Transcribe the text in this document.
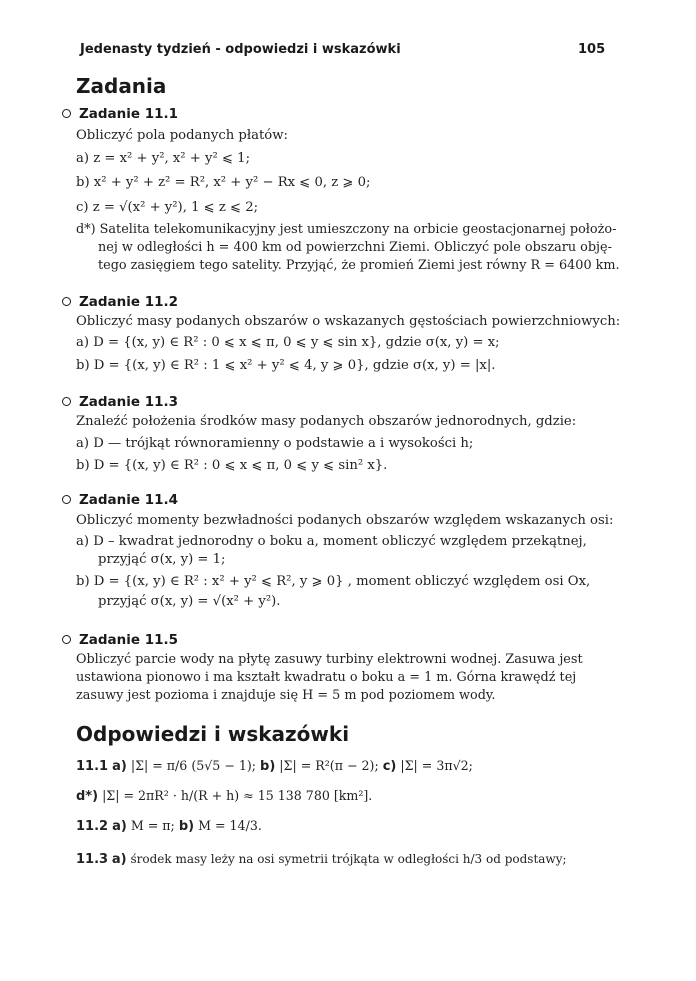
Jedenasty tydzień - odpowiedzi i wskazówki	105
Zadania
Zadanie 11.1
Obliczyć pola podanych płatów:
a) z = x² + y², x² + y² ⩽ 1;
b) x² + y² + z² = R², x² + y² − Rx ⩽ 0, z ⩾ 0;
c) z = √(x² + y²), 1 ⩽ z ⩽ 2;
d*) Satelita telekomunikacyjny jest umieszczony na orbicie geostacjonarnej położo-
nej w odległości h = 400 km od powierzchni Ziemi. Obliczyć pole obszaru obję-
tego zasięgiem tego satelity. Przyjąć, że promień Ziemi jest równy R = 6400 km.
Zadanie 11.2
Obliczyć masy podanych obszarów o wskazanych gęstościach powierzchniowych:
a) D = {(x, y) ∈ R² : 0 ⩽ x ⩽ π, 0 ⩽ y ⩽ sin x}, gdzie σ(x, y) = x;
b) D = {(x, y) ∈ R² : 1 ⩽ x² + y² ⩽ 4, y ⩾ 0}, gdzie σ(x, y) = |x|.
Zadanie 11.3
Znaleźć położenia środków masy podanych obszarów jednorodnych, gdzie:
a) D — trójkąt równoramienny o podstawie a i wysokości h;
b) D = {(x, y) ∈ R² : 0 ⩽ x ⩽ π, 0 ⩽ y ⩽ sin² x}.
Zadanie 11.4
Obliczyć momenty bezwładności podanych obszarów względem wskazanych osi:
a) D – kwadrat jednorodny o boku a, moment obliczyć względem przekątnej,
przyjąć σ(x, y) = 1;
b) D = {(x, y) ∈ R² : x² + y² ⩽ R², y ⩾ 0} , moment obliczyć względem osi Ox,
przyjąć σ(x, y) = √(x² + y²).
Zadanie 11.5
Obliczyć parcie wody na płytę zasuwy turbiny elektrowni wodnej. Zasuwa jest
ustawiona pionowo i ma kształt kwadratu o boku a = 1 m. Górna krawędź tej
zasuwy jest pozioma i znajduje się H = 5 m pod poziomem wody.
Odpowiedzi i wskazówki
11.1 a) |Σ| = π/6 (5√5 − 1); b) |Σ| = R²(π − 2); c) |Σ| = 3π√2;
d*) |Σ| = 2πR² · h/(R + h) ≈ 15 138 780 [km²].
11.2 a) M = π; b) M = 14/3.
11.3 a) środek masy leży na osi symetrii trójkąta w odległości h/3 od podstawy;
